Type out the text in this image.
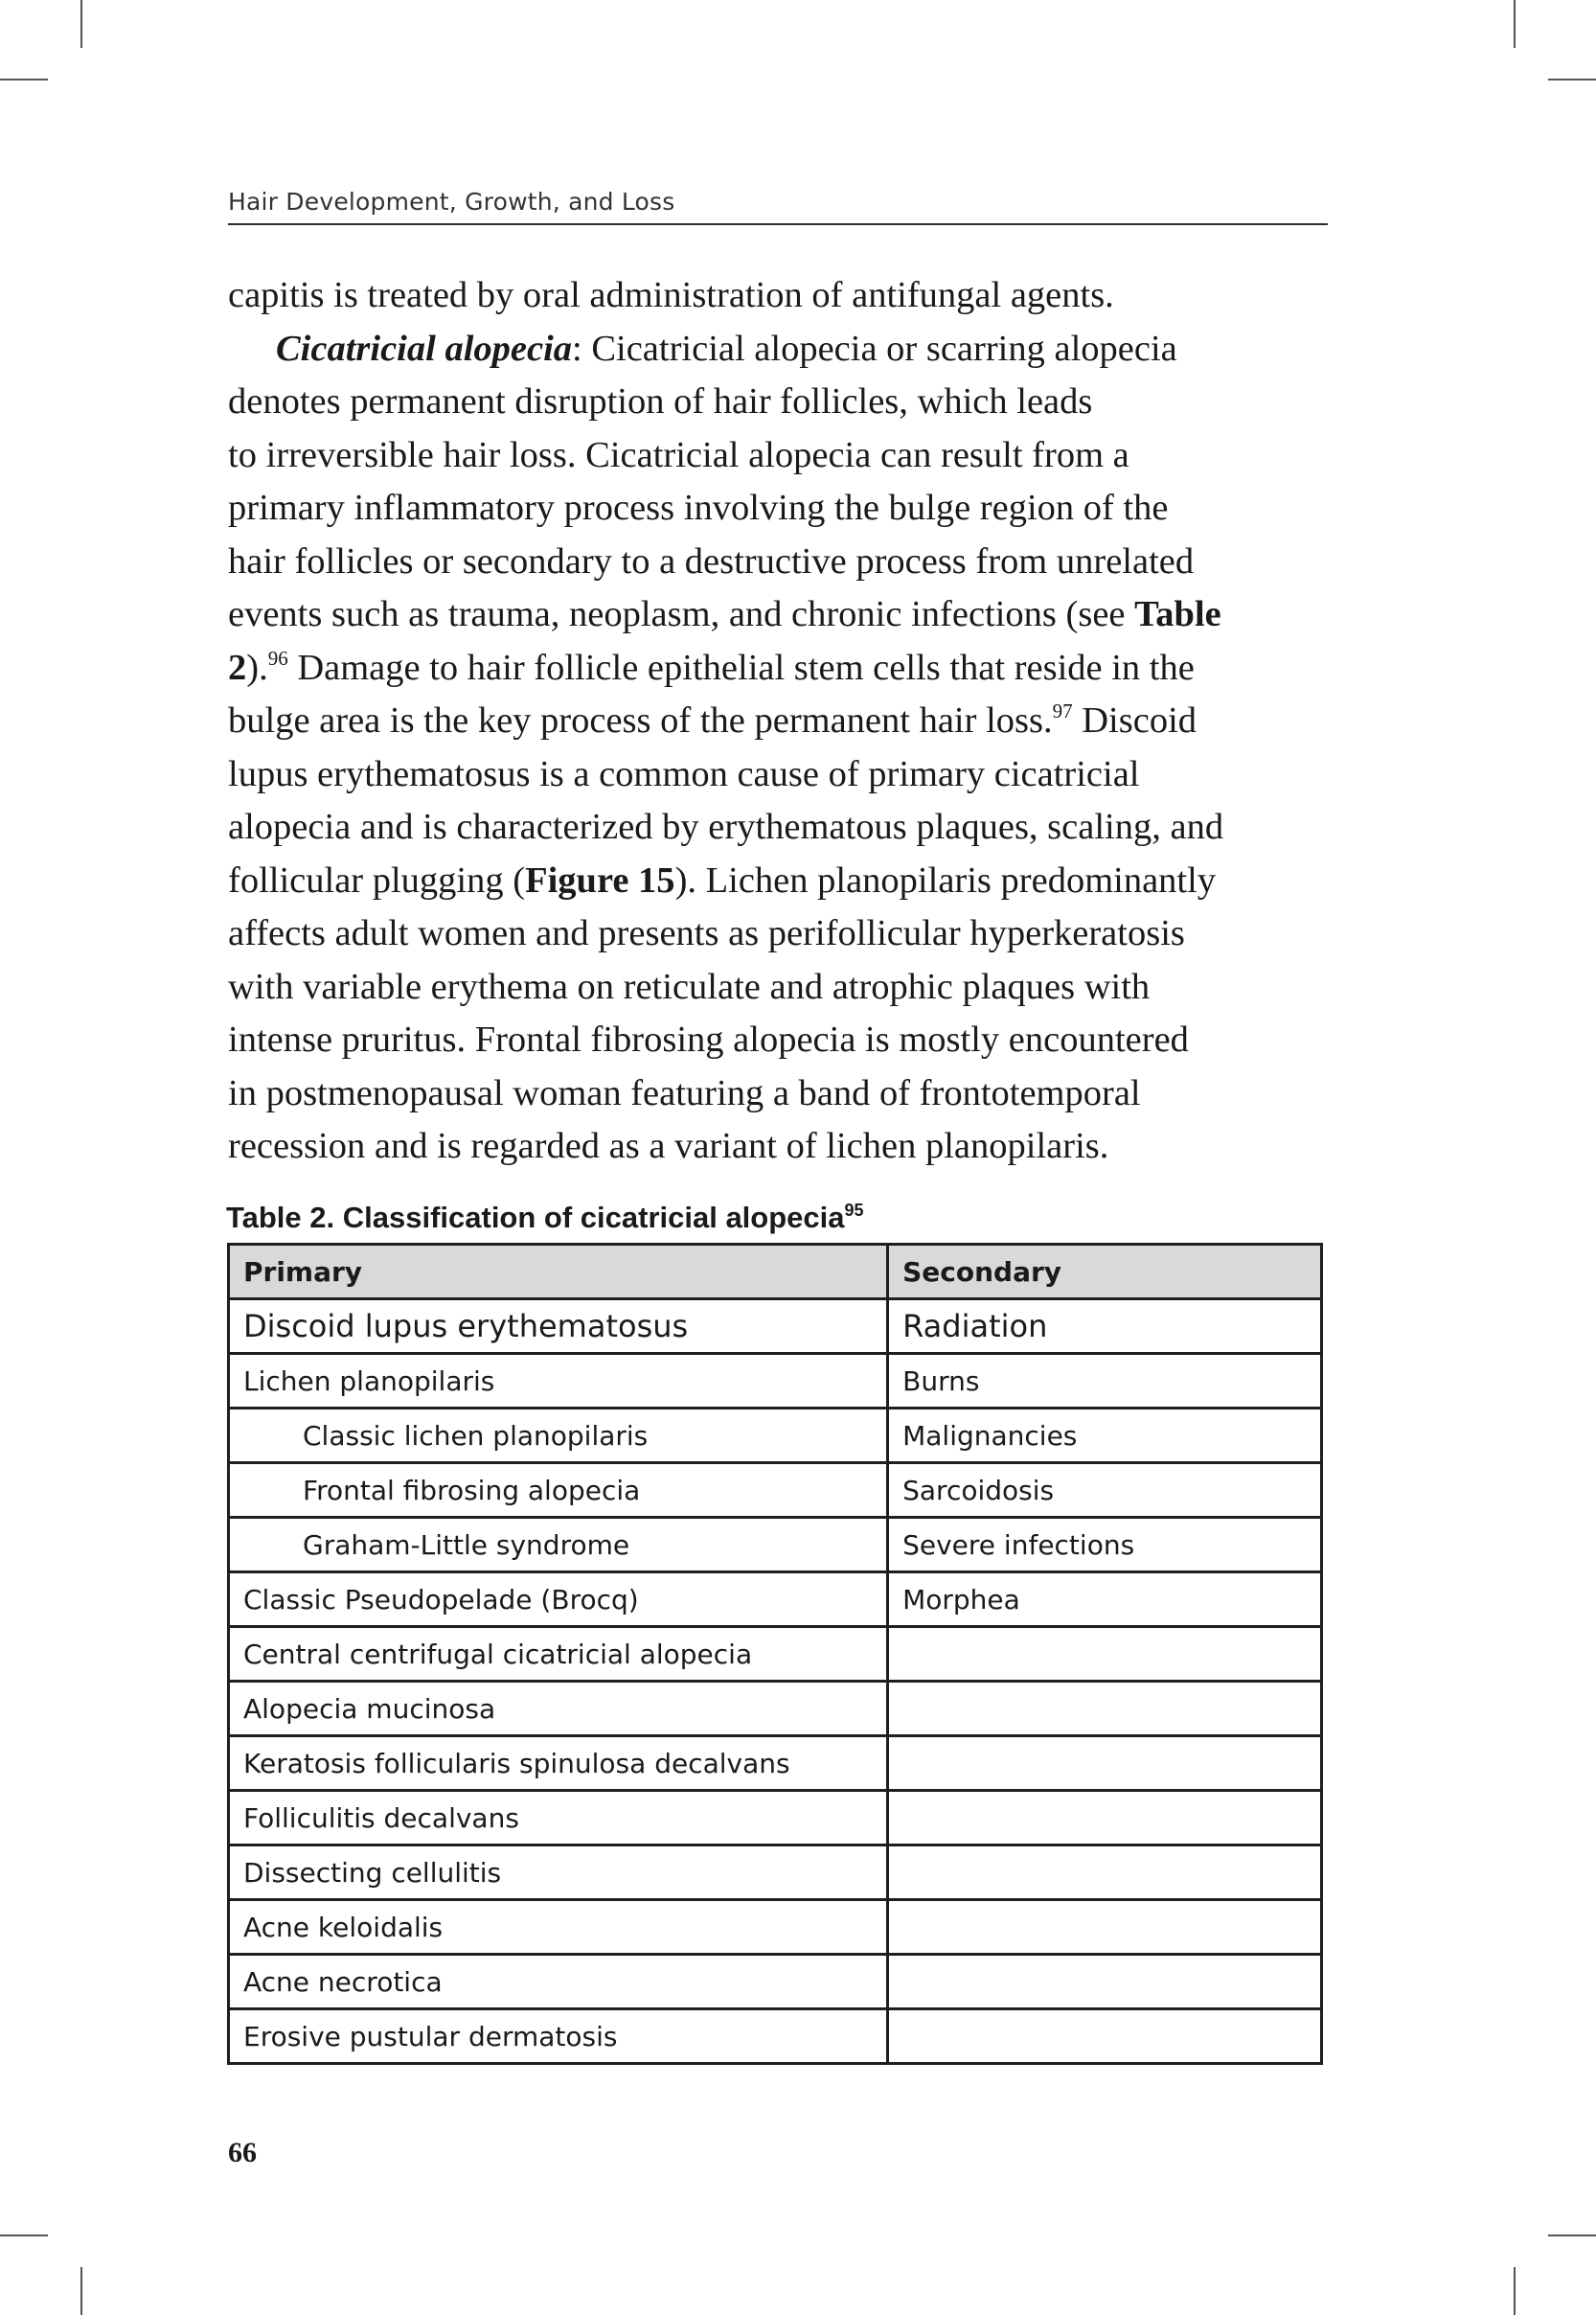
Hair Development, Growth, and Loss
capitis is treated by oral administration of antifungal agents.
Cicatricial alopecia: Cicatricial alopecia or scarring alopecia
denotes permanent disruption of hair follicles, which leads
to irreversible hair loss. Cicatricial alopecia can result from a
primary inflammatory process involving the bulge region of the
hair follicles or secondary to a destructive process from unrelated
events such as trauma, neoplasm, and chronic infections (see Table
2).$^{96}$ Damage to hair follicle epithelial stem cells that reside in the
bulge area is the key process of the permanent hair loss.$^{97}$ Discoid
lupus erythematosus is a common cause of primary cicatricial
alopecia and is characterized by erythematous plaques, scaling, and
follicular plugging (Figure 15). Lichen planopilaris predominantly
affects adult women and presents as perifollicular hyperkeratosis
with variable erythema on reticulate and atrophic plaques with
intense pruritus. Frontal fibrosing alopecia is mostly encountered
in postmenopausal woman featuring a band of frontotemporal
recession and is regarded as a variant of lichen planopilaris.
Table 2. Classification of cicatricial alopecia$^{95}$
Primary	Secondary
Discoid lupus erythematosus	Radiation
Lichen planopilaris	Burns
Classic lichen planopilaris	Malignancies
Frontal fibrosing alopecia	Sarcoidosis
Graham-Little syndrome	Severe infections
Classic Pseudopelade (Brocq)	Morphea
Central centrifugal cicatricial alopecia	
Alopecia mucinosa	
Keratosis follicularis spinulosa decalvans	
Folliculitis decalvans	
Dissecting cellulitis	
Acne keloidalis	
Acne necrotica	
Erosive pustular dermatosis	
66
